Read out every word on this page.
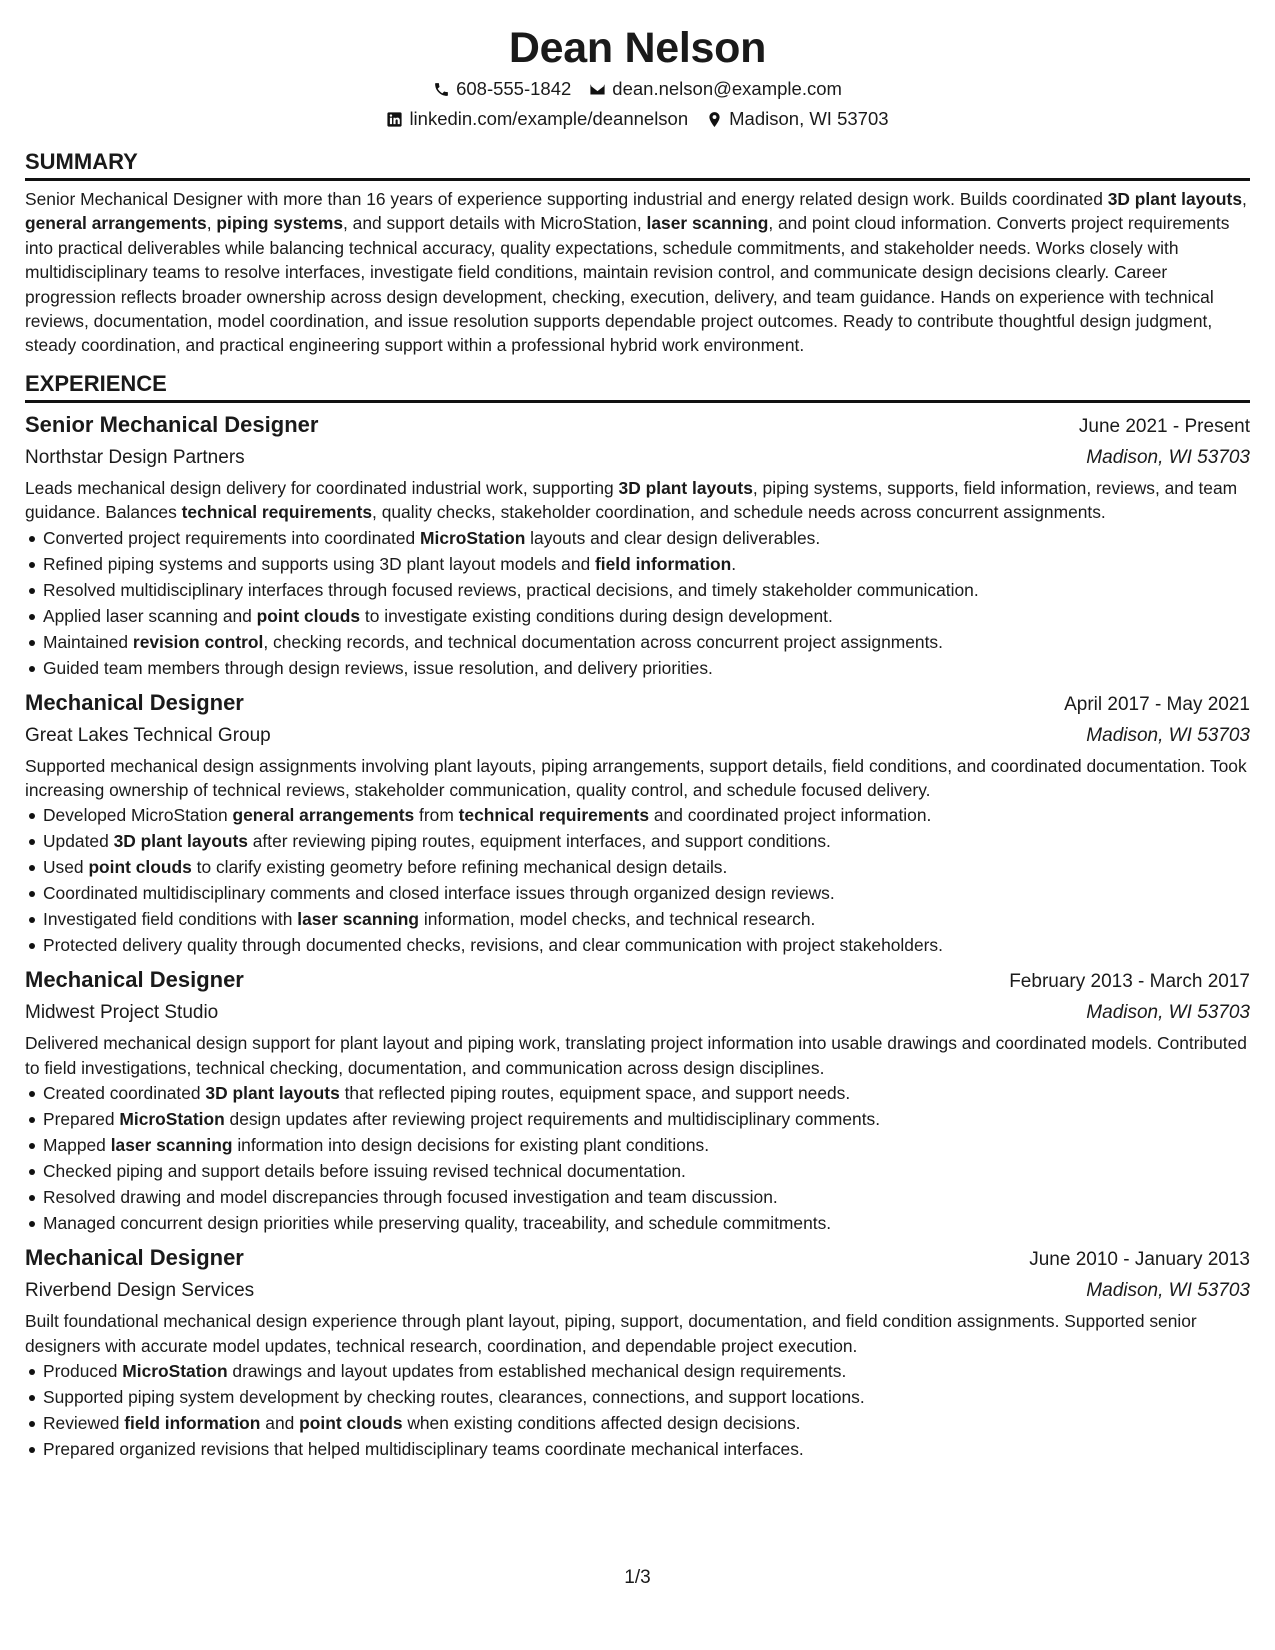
Dean Nelson
608-555-1842 dean.nelson@example.com
linkedin.com/example/deannelson Madison, WI 53703
SUMMARY

Senior Mechanical Designer with more than 16 years of experience supporting industrial and energy related design work. Builds coordinated 3D plant layouts, general arrangements, piping systems, and support details with MicroStation, laser scanning, and point cloud information. Converts project requirements into practical deliverables while balancing technical accuracy, quality expectations, schedule commitments, and stakeholder needs. Works closely with multidisciplinary teams to resolve interfaces, investigate field conditions, maintain revision control, and communicate design decisions clearly. Career progression reflects broader ownership across design development, checking, execution, delivery, and team guidance. Hands on experience with technical reviews, documentation, model coordination, and issue resolution supports dependable project outcomes. Ready to contribute thoughtful design judgment, steady coordination, and practical engineering support within a professional hybrid work environment.

EXPERIENCE
Senior Mechanical Designer	June 2021 - Present
Northstar Design Partners	Madison, WI 53703

Leads mechanical design delivery for coordinated industrial work, supporting 3D plant layouts, piping systems, supports, field information, reviews, and team guidance. Balances technical requirements, quality checks, stakeholder coordination, and schedule needs across concurrent assignments.

Converted project requirements into coordinated MicroStation layouts and clear design deliverables.
Refined piping systems and supports using 3D plant layout models and field information.
Resolved multidisciplinary interfaces through focused reviews, practical decisions, and timely stakeholder communication.
Applied laser scanning and point clouds to investigate existing conditions during design development.
Maintained revision control, checking records, and technical documentation across concurrent project assignments.
Guided team members through design reviews, issue resolution, and delivery priorities.
Mechanical Designer	April 2017 - May 2021
Great Lakes Technical Group	Madison, WI 53703

Supported mechanical design assignments involving plant layouts, piping arrangements, support details, field conditions, and coordinated documentation. Took increasing ownership of technical reviews, stakeholder communication, quality control, and schedule focused delivery.

Developed MicroStation general arrangements from technical requirements and coordinated project information.
Updated 3D plant layouts after reviewing piping routes, equipment interfaces, and support conditions.
Used point clouds to clarify existing geometry before refining mechanical design details.
Coordinated multidisciplinary comments and closed interface issues through organized design reviews.
Investigated field conditions with laser scanning information, model checks, and technical research.
Protected delivery quality through documented checks, revisions, and clear communication with project stakeholders.
Mechanical Designer	February 2013 - March 2017
Midwest Project Studio	Madison, WI 53703

Delivered mechanical design support for plant layout and piping work, translating project information into usable drawings and coordinated models. Contributed to field investigations, technical checking, documentation, and communication across design disciplines.

Created coordinated 3D plant layouts that reflected piping routes, equipment space, and support needs.
Prepared MicroStation design updates after reviewing project requirements and multidisciplinary comments.
Mapped laser scanning information into design decisions for existing plant conditions.
Checked piping and support details before issuing revised technical documentation.
Resolved drawing and model discrepancies through focused investigation and team discussion.
Managed concurrent design priorities while preserving quality, traceability, and schedule commitments.
Mechanical Designer	June 2010 - January 2013
Riverbend Design Services	Madison, WI 53703

Built foundational mechanical design experience through plant layout, piping, support, documentation, and field condition assignments. Supported senior designers with accurate model updates, technical research, coordination, and dependable project execution.

Produced MicroStation drawings and layout updates from established mechanical design requirements.
Supported piping system development by checking routes, clearances, connections, and support locations.
Reviewed field information and point clouds when existing conditions affected design decisions.
Prepared organized revisions that helped multidisciplinary teams coordinate mechanical interfaces.
1/3
